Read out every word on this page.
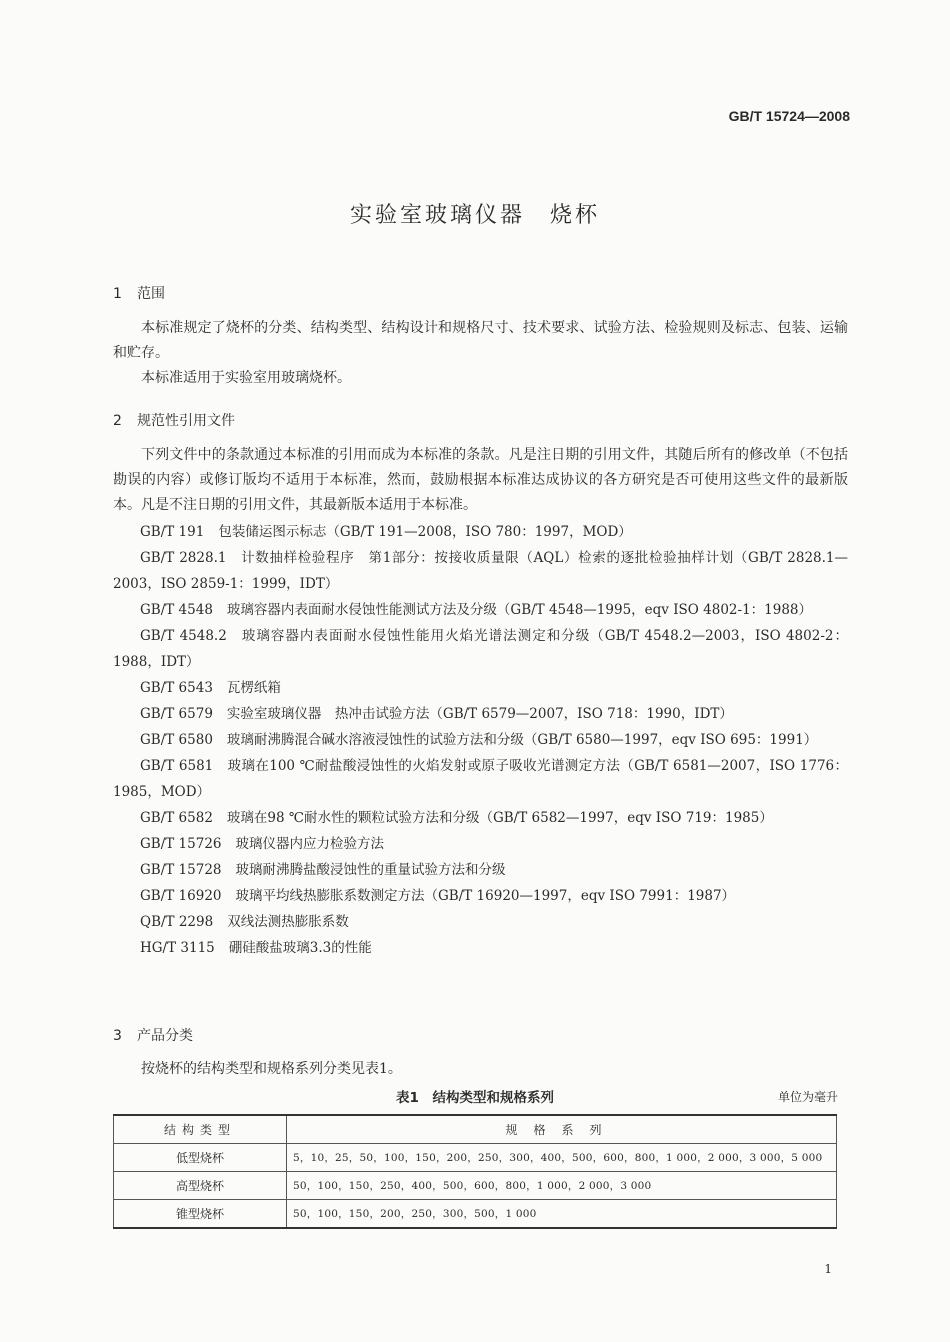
GB/T 15724—2008
实验室玻璃仪器　烧杯
1 范围

本标准规定了烧杯的分类、结构类型、结构设计和规格尺寸、技术要求、试验方法、检验规则及标志、包装、运输和贮存。

本标准适用于实验室用玻璃烧杯。

2 规范性引用文件

下列文件中的条款通过本标准的引用而成为本标准的条款。凡是注日期的引用文件，其随后所有的修改单（不包括勘误的内容）或修订版均不适用于本标准，然而，鼓励根据本标准达成协议的各方研究是否可使用这些文件的最新版本。凡是不注日期的引用文件，其最新版本适用于本标准。

GB/T 191 包装储运图示标志（GB/T 191—2008，ISO 780：1997，MOD）
GB/T 2828.1 计数抽样检验程序　第1部分：按接收质量限（AQL）检索的逐批检验抽样计划（GB/T 2828.1—2003，ISO 2859-1：1999，IDT）
GB/T 4548 玻璃容器内表面耐水侵蚀性能测试方法及分级（GB/T 4548—1995，eqv ISO 4802-1：1988）
GB/T 4548.2 玻璃容器内表面耐水侵蚀性能用火焰光谱法测定和分级（GB/T 4548.2—2003，ISO 4802-2：1988，IDT）
GB/T 6543 瓦楞纸箱
GB/T 6579 实验室玻璃仪器　热冲击试验方法（GB/T 6579—2007，ISO 718：1990，IDT）
GB/T 6580 玻璃耐沸腾混合碱水溶液浸蚀性的试验方法和分级（GB/T 6580—1997，eqv ISO 695：1991）
GB/T 6581 玻璃在100 ℃耐盐酸浸蚀性的火焰发射或原子吸收光谱测定方法（GB/T 6581—2007，ISO 1776：1985，MOD）
GB/T 6582 玻璃在98 ℃耐水性的颗粒试验方法和分级（GB/T 6582—1997，eqv ISO 719：1985）
GB/T 15726 玻璃仪器内应力检验方法
GB/T 15728 玻璃耐沸腾盐酸浸蚀性的重量试验方法和分级
GB/T 16920 玻璃平均线热膨胀系数测定方法（GB/T 16920—1997，eqv ISO 7991：1987）
QB/T 2298 双线法测热膨胀系数
HG/T 3115 硼硅酸盐玻璃3.3的性能
3 产品分类

按烧杯的结构类型和规格系列分类见表1。

表1　结构类型和规格系列	单位为毫升
结构类型	规格系列
低型烧杯	5，10，25，50，100，150，200，250，300，400，500，600，800，1 000，2 000，3 000，5 000
高型烧杯	50，100，150，250，400，500，600，800，1 000，2 000，3 000
锥型烧杯	50，100，150，200，250，300，500，1 000
1
